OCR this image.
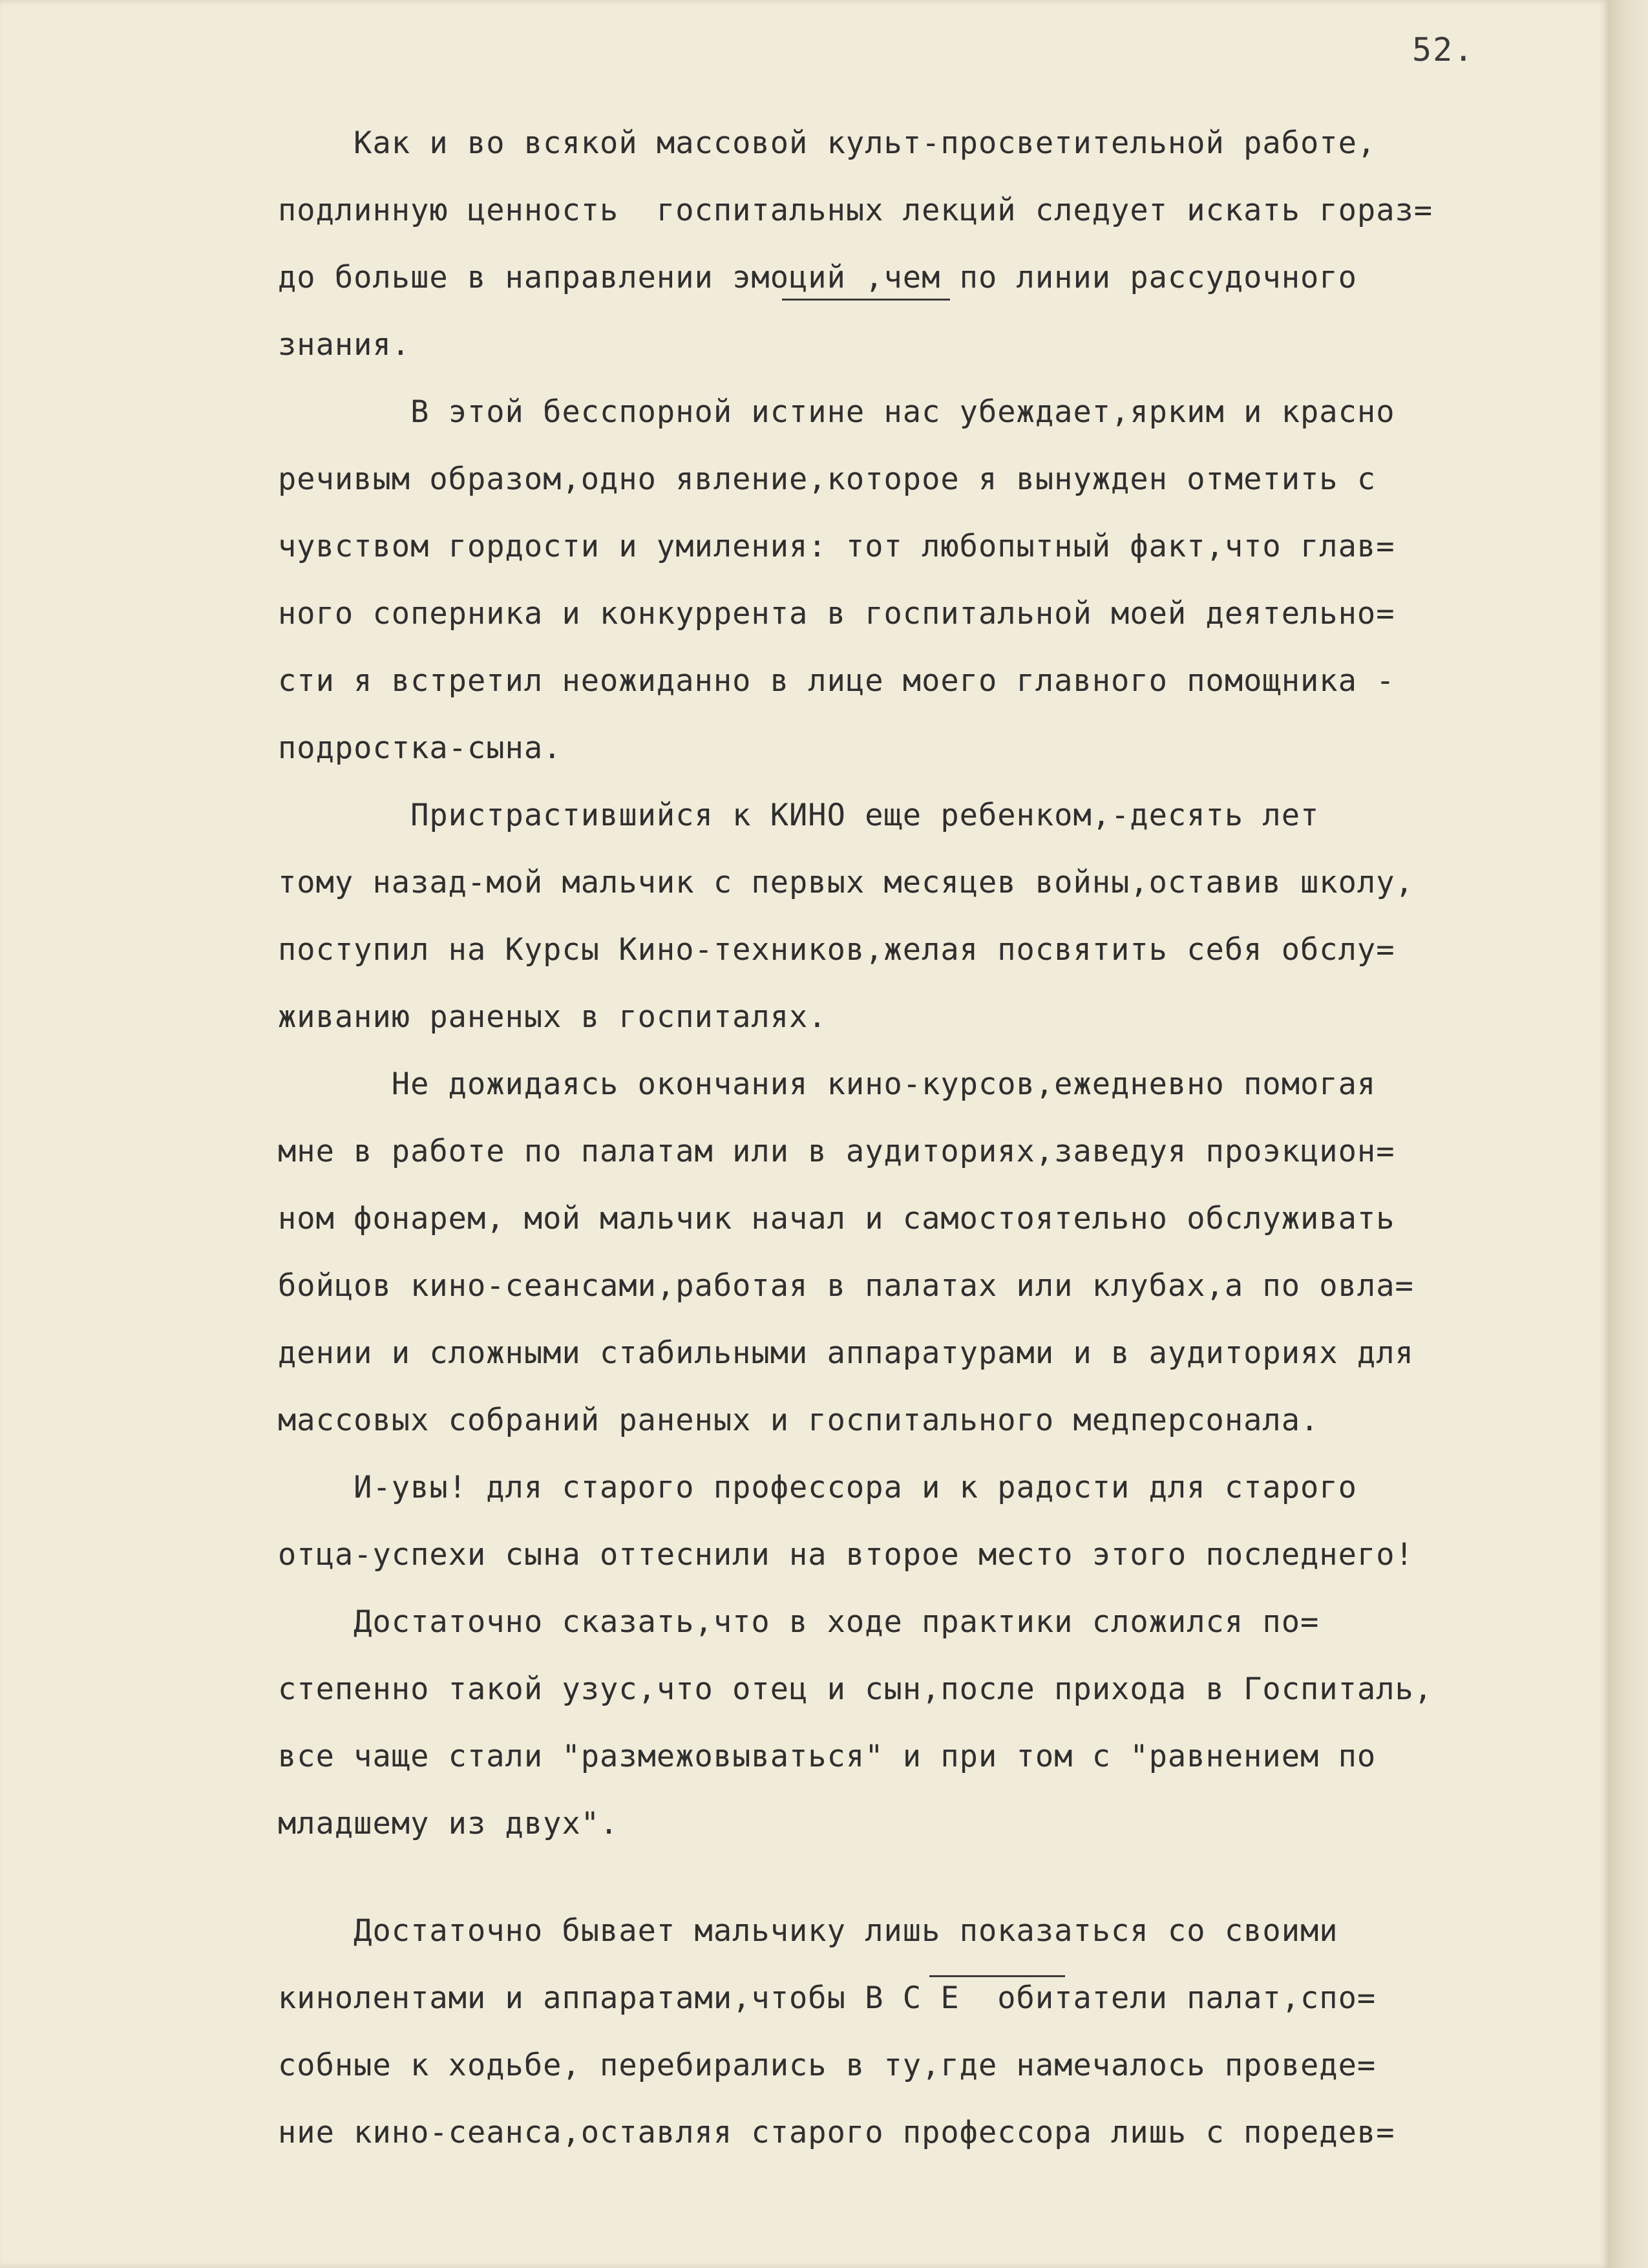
52.
Как и во всякой массовой культ-просветительной работе,
подлинную ценность  госпитальных лекций следует искать горaз=
до больше в направлении эмоций ,чем по линии рассудочного
знания.
В этой бесспорной истине нас убеждает,ярким и красно
речивым образом,одно явление,которое я вынужден отметить с
чувством гордости и умиления: тот любопытный факт,что глав=
ного соперника и конкуррента в госпитальной моей деятельно=
сти я встретил неожиданно в лице моего главного помощника -
подростка-сына.
Пристрастившийся к КИНО еще ребенком,-десять лет
тому назад-мой мальчик с первых месяцев войны,оставив школу,
поступил на Курсы Кино-техников,желая посвятить себя обслу=
живанию раненых в госпиталях.
Не дожидаясь окончания кино-курсов,ежедневно помогая
мне в работе по палатам или в аудиториях,заведуя проэкцион=
ном фонарем, мой мальчик начал и самостоятельно обслуживать
бойцов кино-сеансами,работая в палатах или клубах,а по овла=
дении и сложными стабильными аппаратурами и в аудиториях для
массовых собраний раненых и госпитального медперсонала.
И-увы! для старого профессора и к радости для старого
отца-успехи сына оттеснили на второе место этого последнего!
Достаточно сказать,что в ходе практики сложился по=
степенно такой узус,что отец и сын,после прихода в Госпиталь,
все чаще стали "размежовываться" и при том с "равнением по
младшему из двух".
Достаточно бывает мальчику лишь показаться со своими
кинолентами и аппаратами,чтобы В С Е  обитатели палат,спо=
собные к ходьбе, перебирались в ту,где намечалось проведе=
ние кино-сеанса,оставляя старого профессора лишь с поредев=
